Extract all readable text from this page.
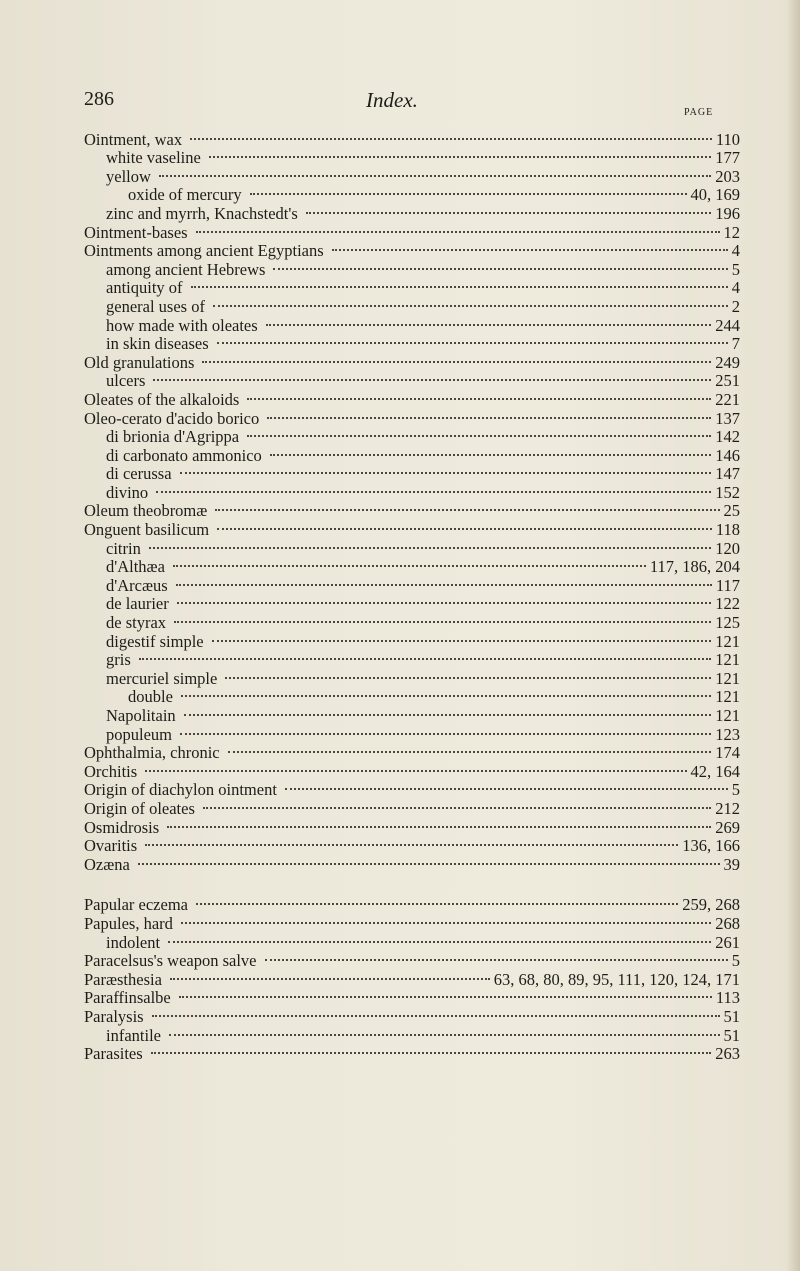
286	Index.
PAGE
Ointment, wax	110
white vaseline	177
yellow	203
oxide of mercury	40, 169
zinc and myrrh, Knachstedt's	196
Ointment-bases	12
Ointments among ancient Egyptians	4
among ancient Hebrews	5
antiquity of	4
general uses of	2
how made with oleates	244
in skin diseases	7
Old granulations	249
ulcers	251
Oleates of the alkaloids	221
Oleo-cerato d'acido borico	137
di brionia d'Agrippa	142
di carbonato ammonico	146
di cerussa	147
divino	152
Oleum theobromæ	25
Onguent basilicum	118
citrin	120
d'Althæa	117, 186, 204
d'Arcæus	117
de laurier	122
de styrax	125
digestif simple	121
gris	121
mercuriel simple	121
double	121
Napolitain	121
populeum	123
Ophthalmia, chronic	174
Orchitis	42, 164
Origin of diachylon ointment	5
Origin of oleates	212
Osmidrosis	269
Ovaritis	136, 166
Ozæna	39
Papular eczema	259, 268
Papules, hard	268
indolent	261
Paracelsus's weapon salve	5
Paræsthesia	63, 68, 80, 89, 95, 111, 120, 124, 171
Paraffinsalbe	113
Paralysis	51
infantile	51
Parasites	263
